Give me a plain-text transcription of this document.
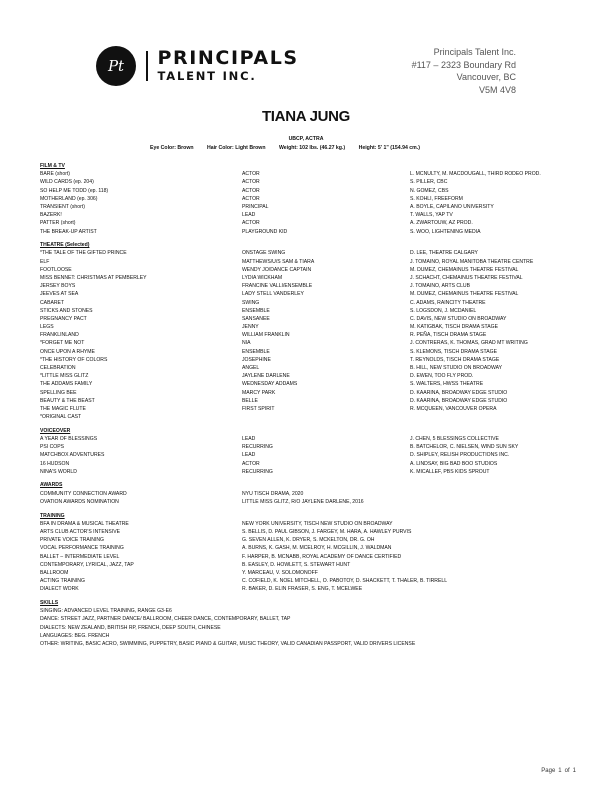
Pt	PRINCIPALS
TALENT INC.
Principals Talent Inc.
#117 – 2323 Boundary Rd
Vancouver, BC
V5M 4V8
TIANA JUNG
UBCP, ACTRA
Eye Color: Brown	Hair Color: Light Brown	Weight: 102 lbs. (46.27 kg.)	Height: 5' 1" (154.94 cm.)
FILM & TV
BARE (short)	ACTOR	L. MCNULTY, M. MACDOUGALL, THIRD RODEO PROD.
WILD CARDS (ep. 204)	ACTOR	S. PILLER, CBC
SO HELP ME TODD (ep. 118)	ACTOR	N. GOMEZ, CBS
MOTHERLAND (ep. 306)	ACTOR	S. KOHLI, FREEFORM
TRANSIENT (short)	PRINCIPAL	A. BOYLE, CAPILANO UNIVERSITY
BAZERK!	LEAD	T. WALLS, YAP TV
PATTER (short)	ACTOR	A. ZWARTOUW, AZ PROD.
THE BREAK-UP ARTIST	PLAYGROUND KID	S. WOO, LIGHTENING MEDIA
THEATRE (Selected)
*THE TALE OF THE GIFTED PRINCE	ONSTAGE SWING	D. LEE, THEATRE CALGARY
ELF	MATTHEWS/U/S SAM & TIARA	J. TOMAINO, ROYAL MANITOBA THEATRE CENTRE
FOOTLOOSE	WENDY JO/DANCE CAPTAIN	M. DUMEZ, CHEMAINUS THEATRE FESTIVAL
MISS BENNET: CHRISTMAS AT PEMBERLEY	LYDIA WICKHAM	J. SCHACHT, CHEMAINUS THEATRE FESTIVAL
JERSEY BOYS	FRANCINE VALLI/ENSEMBLE	J. TOMAINO, ARTS CLUB
JEEVES AT SEA	LADY STELL VANDERLEY	M. DUMEZ, CHEMAINUS THEATRE FESTIVAL
CABARET	SWING	C. ADAMS, RAINCITY THEATRE
STICKS AND STONES	ENSEMBLE	S. LOGSDON, J. MCDANIEL
PREGNANCY PACT	SANSANEE	C. DAVIS, NEW STUDIO ON BROADWAY
LEGS	JENNY	M. KATIGBAK, TISCH DRAMA STAGE
FRANKLINLAND	WILLIAM FRANKLIN	R. PEÑA, TISCH DRAMA STAGE
*FORGET ME NOT	NIA	J. CONTRERAS, K. THOMAS, GRAD MT WRITING
ONCE UPON A RHYME	ENSEMBLE	S. KLEMONS, TISCH DRAMA STAGE
*THE HISTORY OF COLORS	JOSEPHINE	T. REYNOLDS, TISCH DRAMA STAGE
CELEBRATION	ANGEL	B. HILL, NEW STUDIO ON BROADWAY
*LITTLE MISS GLITZ	JAYLENE DARLENE	D. EWEN, TOO FLY PROD.
THE ADDAMS FAMILY	WEDNESDAY ADDAMS	S. WALTERS, HWSS THEATRE
SPELLING BEE	MARCY PARK	D. KAARINA, BROADWAY EDGE STUDIO
BEAUTY & THE BEAST	BELLE	D. KAARINA, BROADWAY EDGE STUDIO
THE MAGIC FLUTE	FIRST SPIRIT	R. MCQUEEN, VANCOUVER OPERA
*ORIGINAL CAST
VOICEOVER
A YEAR OF BLESSINGS	LEAD	J. CHEN, 5 BLESSINGS COLLECTIVE
PSI COPS	RECURRING	B. BATCHELOR, C. NIELSEN, WIND SUN SKY
MATCHBOX ADVENTURES	LEAD	D. SHIPLEY, RELISH PRODUCTIONS INC.
16 HUDSON	ACTOR	A. LINDSAY, BIG BAD BOO STUDIOS
NINA'S WORLD	RECURRING	K. MICALLEF, PBS KIDS SPROUT
AWARDS
COMMUNITY CONNECTION AWARD	NYU TISCH DRAMA, 2020
OVATION AWARDS NOMINATION	LITTLE MISS GLITZ, R/O JAYLENE DARLENE, 2016
TRAINING
BFA IN DRAMA & MUSICAL THEATRE	NEW YORK UNIVERSITY, TISCH NEW STUDIO ON BROADWAY
ARTS CLUB ACTOR'S INTENSIVE	S. BELLIS, D. PAUL GIBSON, J. FARGEY, M. HARA, A. HAWLEY PURVIS
PRIVATE VOICE TRAINING	G. SEVEN ALLEN, K. DRYER, S. MCKELTON, DR. G. OH
VOCAL PERFORMANCE TRAINING	A. BURNS, K. GASH, M. MCELROY, H. MCGILLIN, J. WALDMAN
BALLET – INTERMEDIATE LEVEL	F. HARPER, B. MCNABB, ROYAL ACADEMY OF DANCE CERTIFIED
CONTEMPORARY, LYRICAL, JAZZ, TAP	B. EASLEY, D. HOWLETT, S. STEWART HUNT
BALLROOM	Y. MARCEAU, V. SOLOMONOFF
ACTING TRAINING	C. COFIELD, K. NOEL MITCHELL, O. PABOTOY, D. SHACKETT, T. THALER, B. TIRRELL
DIALECT WORK	R. BAKER, D. ELIN FRASER, S. ENG, T. MCELWEE
SKILLS
SINGING: ADVANCED LEVEL TRAINING, RANGE G3-E6
DANCE: STREET JAZZ, PARTNER DANCE/ BALLROOM, CHEER DANCE, CONTEMPORARY, BALLET, TAP
DIALECTS: NEW ZEALAND, BRITISH RP, FRENCH, DEEP SOUTH, CHINESE
LANGUAGES: BEG. FRENCH
OTHER: WRITING, BASIC ACRO, SWIMMING, PUPPETRY, BASIC PIANO & GUITAR, MUSIC THEORY, VALID CANADIAN PASSPORT, VALID DRIVERS LICENSE
Page 1 of 1
